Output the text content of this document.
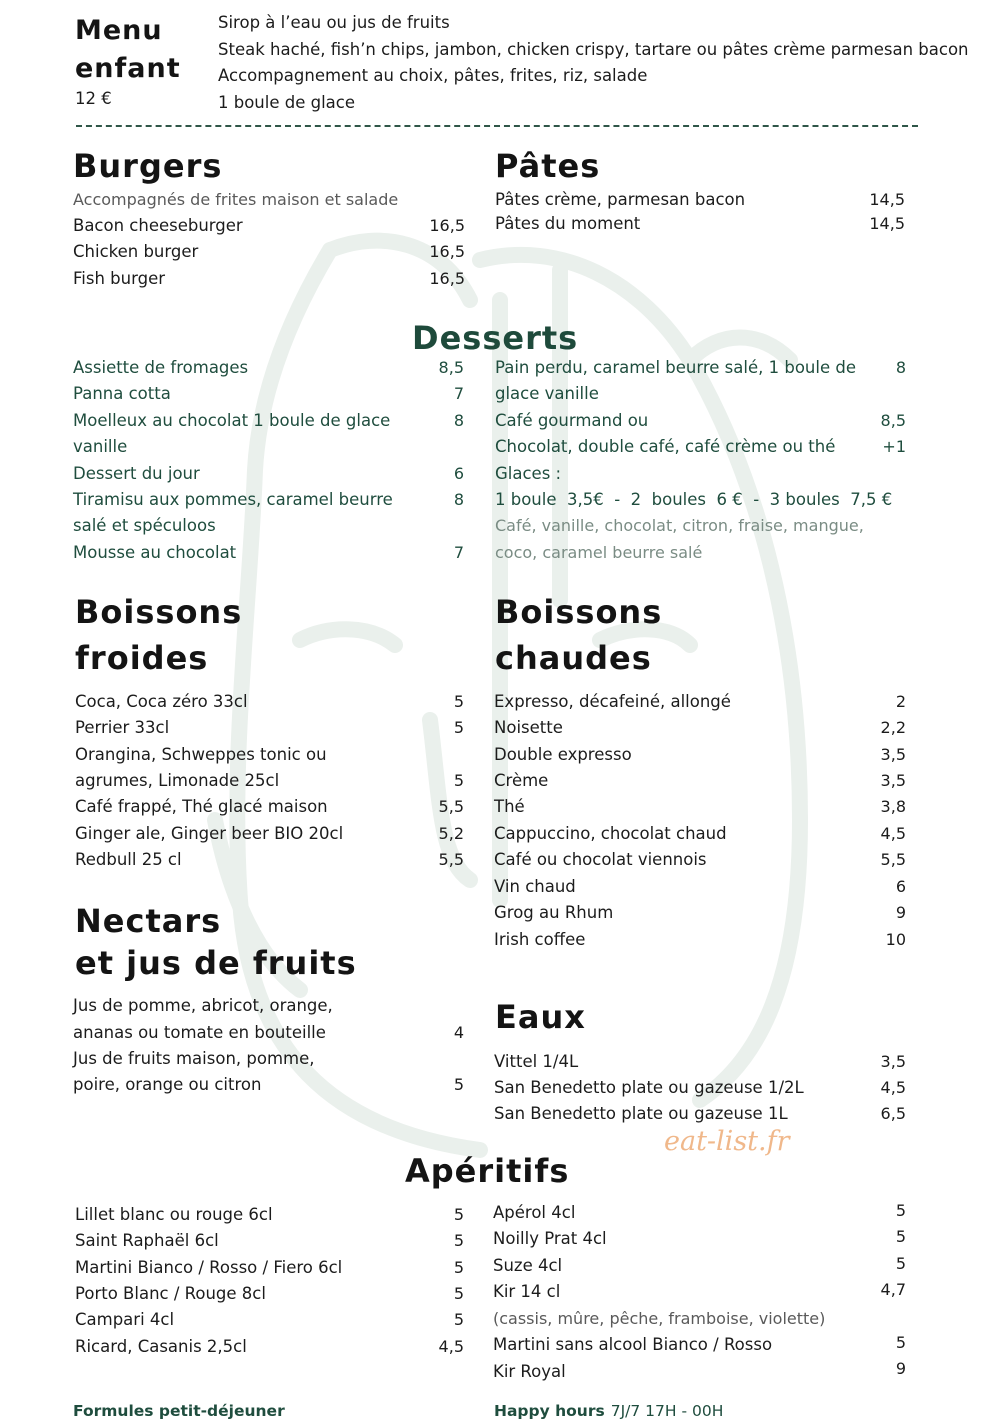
Menu
enfant
12 €
Sirop à l’eau ou jus de fruits
Steak haché, fish’n chips, jambon, chicken crispy, tartare ou pâtes crème parmesan bacon
Accompagnement au choix, pâtes, frites, riz, salade
1 boule de glace
Burgers
Accompagnés de frites maison et salade
Bacon cheeseburger	16,5
Chicken burger	16,5
Fish burger	16,5
Pâtes
Pâtes crème, parmesan bacon	14,5
Pâtes du moment	14,5
Desserts
Assiette de fromages	8,5
Panna cotta	7
Moelleux au chocolat 1 boule de glace	8
vanille
Dessert du jour	6
Tiramisu aux pommes, caramel beurre	8
salé et spéculoos
Mousse au chocolat	7
Pain perdu, caramel beurre salé, 1 boule de	8
glace vanille
Café gourmand ou	8,5
Chocolat, double café, café crème ou thé	+1
Glaces :
1 boule  3,5€  -  2  boules  6 €  -  3 boules  7,5 €
Café, vanille, chocolat, citron, fraise, mangue,
coco, caramel beurre salé
Boissons
froides
Coca, Coca zéro 33cl	5
Perrier 33cl	5
Orangina, Schweppes tonic ou
agrumes, Limonade 25cl	5
Café frappé, Thé glacé maison	5,5
Ginger ale, Ginger beer BIO 20cl	5,2
Redbull 25 cl	5,5
Boissons
chaudes
Expresso, décafeiné, allongé	2
Noisette	2,2
Double expresso	3,5
Crème	3,5
Thé	3,8
Cappuccino, chocolat chaud	4,5
Café ou chocolat viennois	5,5
Vin chaud	6
Grog au Rhum	9
Irish coffee	10
Nectars
et jus de fruits
Jus de pomme, abricot, orange,
ananas ou tomate en bouteille	4
Jus de fruits maison, pomme,
poire, orange ou citron	5
Eaux
Vittel 1/4L	3,5
San Benedetto plate ou gazeuse 1/2L	4,5
San Benedetto plate ou gazeuse 1L	6,5
eat-list.fr
Apéritifs
Lillet blanc ou rouge 6cl	5
Saint Raphaël 6cl	5
Martini Bianco / Rosso / Fiero 6cl	5
Porto Blanc / Rouge 8cl	5
Campari 4cl	5
Ricard, Casanis 2,5cl	4,5
Apérol 4cl	5
Noilly Prat 4cl	5
Suze 4cl	5
Kir 14 cl	4,7
(cassis, mûre, pêche, framboise, violette)
Martini sans alcool Bianco / Rosso	5
Kir Royal	9
Formules petit-déjeuner	Happy hours 7J/7 17H - 00H
